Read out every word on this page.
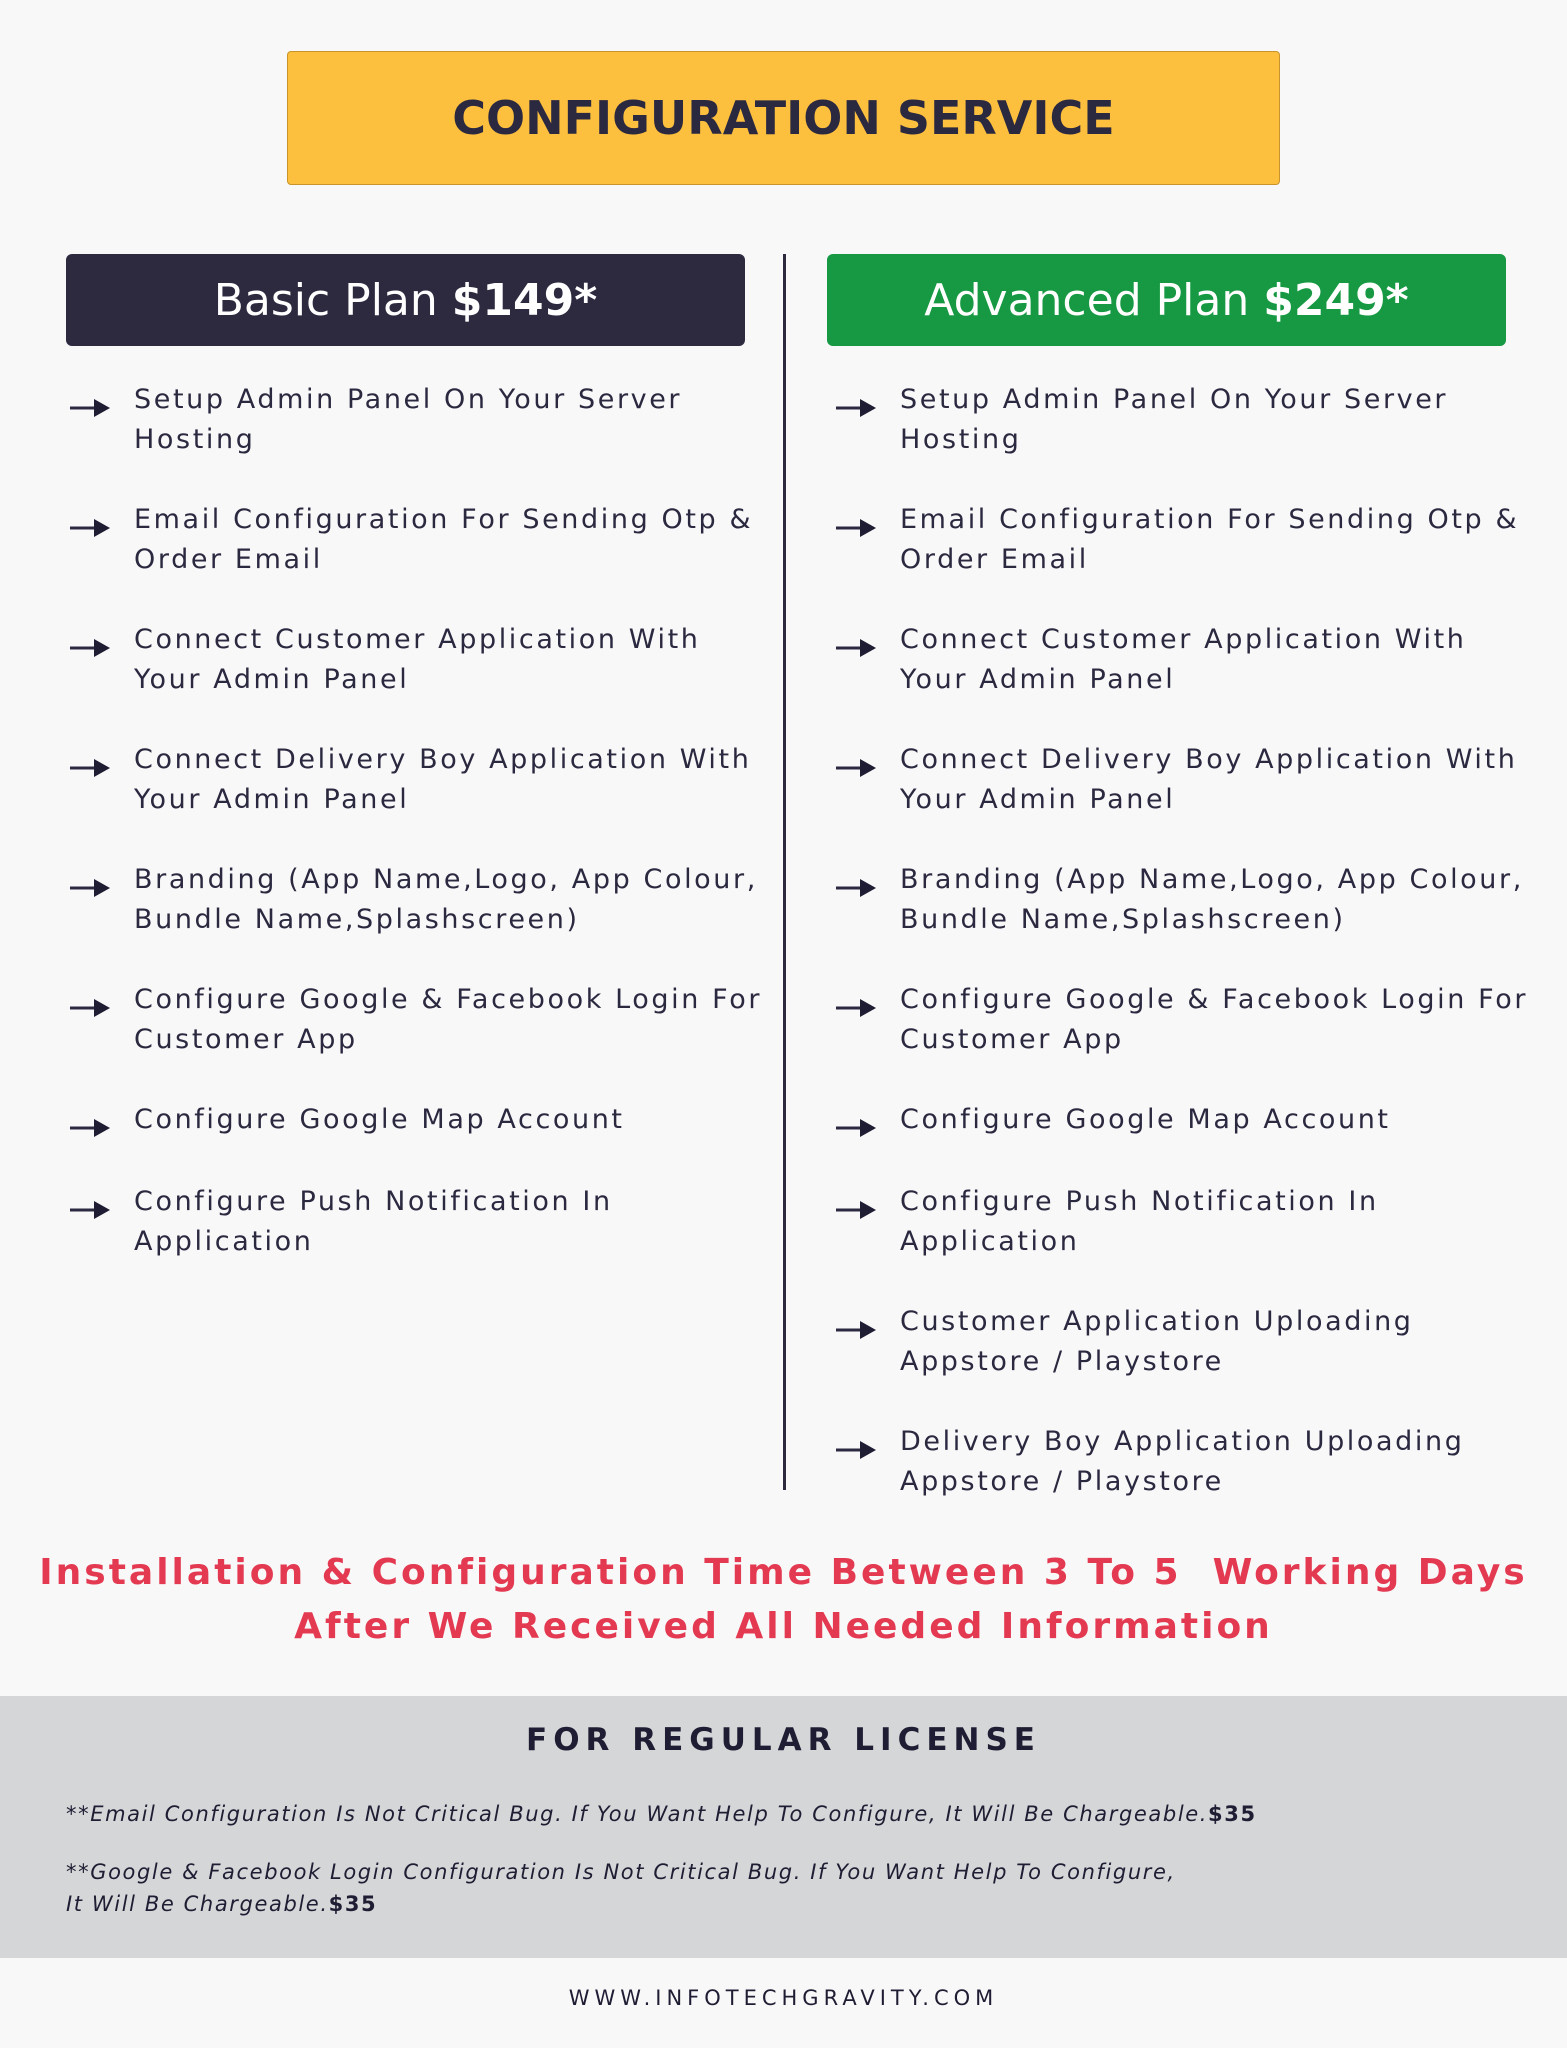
CONFIGURATION SERVICE
Basic Plan $149*	Advanced Plan $249*
Setup Admin Panel On Your Server Hosting
Email Configuration For Sending Otp & Order Email
Connect Customer Application With Your Admin Panel
Connect Delivery Boy Application With Your Admin Panel
Branding (App Name,Logo, App Colour, Bundle Name,Splashscreen)
Configure Google & Facebook Login For Customer App
Configure Google Map Account
Configure Push Notification In Application
Setup Admin Panel On Your Server Hosting
Email Configuration For Sending Otp & Order Email
Connect Customer Application With Your Admin Panel
Connect Delivery Boy Application With Your Admin Panel
Branding (App Name,Logo, App Colour, Bundle Name,Splashscreen)
Configure Google & Facebook Login For Customer App
Configure Google Map Account
Configure Push Notification In Application
Customer Application Uploading Appstore / Playstore
Delivery Boy Application Uploading Appstore / Playstore
Installation & Configuration Time Between 3 To 5  Working Days
After We Received All Needed Information
FOR REGULAR LICENSE
**Email Configuration Is Not Critical Bug. If You Want Help To Configure, It Will Be Chargeable.$35
**Google & Facebook Login Configuration Is Not Critical Bug. If You Want Help To Configure,
It Will Be Chargeable.$35
WWW.INFOTECHGRAVITY.COM
